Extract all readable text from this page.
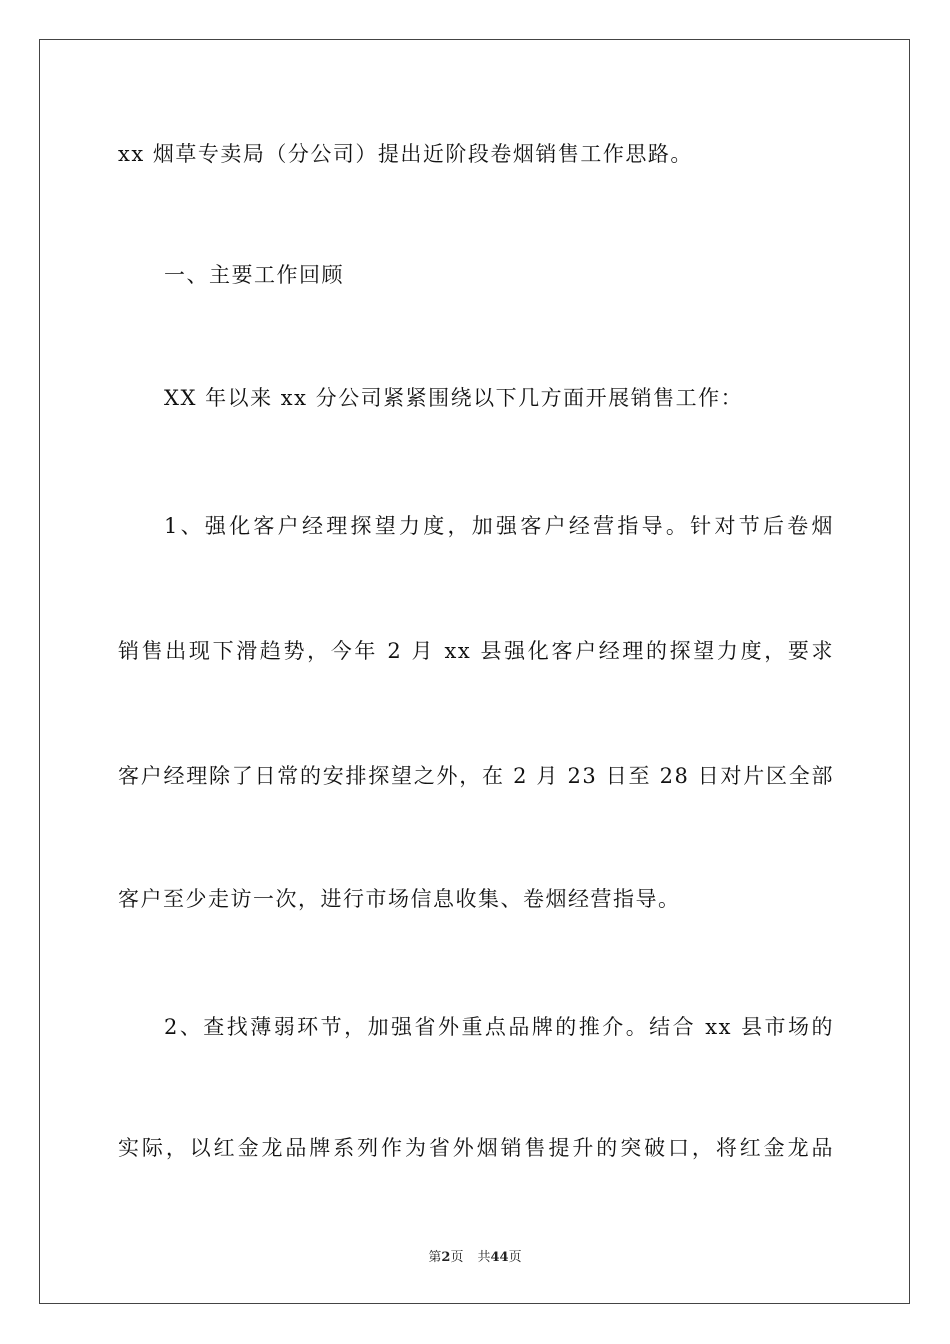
xx 烟草专卖局（分公司）提出近阶段卷烟销售工作思路。
一、主要工作回顾
XX 年以来 xx 分公司紧紧围绕以下几方面开展销售工作：
1、强化客户经理探望力度，加强客户经营指导。针对节后卷烟
销售出现下滑趋势，今年 2 月 xx 县强化客户经理的探望力度，要求
客户经理除了日常的安排探望之外，在 2 月 23 日至 28 日对片区全部
客户至少走访一次，进行市场信息收集、卷烟经营指导。
2、查找薄弱环节，加强省外重点品牌的推介。结合 xx 县市场的
实际，以红金龙品牌系列作为省外烟销售提升的突破口，将红金龙品
第2页 共44页
